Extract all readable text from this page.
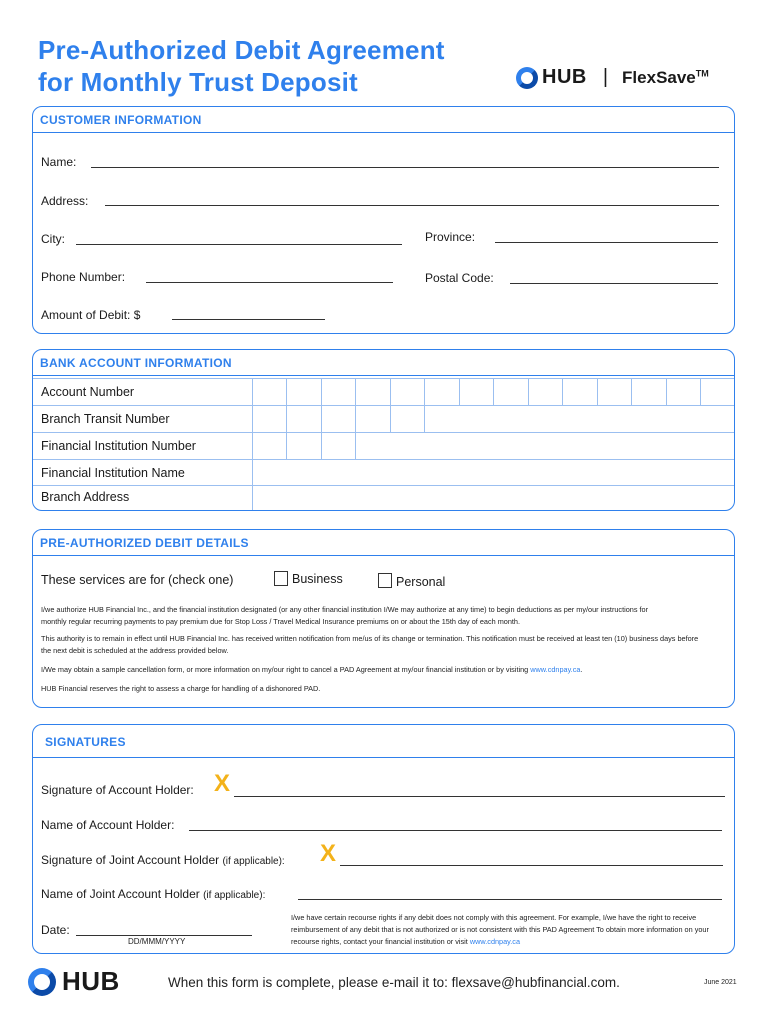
Pre-Authorized Debit Agreement
for Monthly Trust Deposit	HUB | FlexSave™
CUSTOMER INFORMATION
Name:
Address:
City:	Province:
Phone Number:	Postal Code:
Amount of Debit: $
BANK ACCOUNT INFORMATION
Account Number
Branch Transit Number
Financial Institution Number
Financial Institution Name
Branch Address
PRE-AUTHORIZED DEBIT DETAILS
These services are for (check one)	Business	Personal
I/we authorize HUB Financial Inc., and the financial institution designated (or any other financial institution I/We may authorize at any time) to begin deductions as per my/our instructions for monthly regular recurring payments to pay premium due for Stop Loss / Travel Medical Insurance premiums on or about the 15th day of each month.
This authority is to remain in effect until HUB Financial Inc. has received written notification from me/us of its change or termination. This notification must be received at least ten (10) business days before the next debit is scheduled at the address provided below.
I/We may obtain a sample cancellation form, or more information on my/our right to cancel a PAD Agreement at my/our financial institution or by visiting www.cdnpay.ca.
HUB Financial reserves the right to assess a charge for handling of a dishonored PAD.
SIGNATURES
Signature of Account Holder: X
Name of Account Holder:
Signature of Joint Account Holder (if applicable): X
Name of Joint Account Holder (if applicable):
Date:
DD/MMM/YYYY
I/we have certain recourse rights if any debit does not comply with this agreement. For example, I/we have the right to receive reimbursement of any debit that is not authorized or is not consistent with this PAD Agreement To obtain more information on your recourse rights, contact your financial institution or visit www.cdnpay.ca
HUB	When this form is complete, please e-mail it to: flexsave@hubfinancial.com.	June 2021
